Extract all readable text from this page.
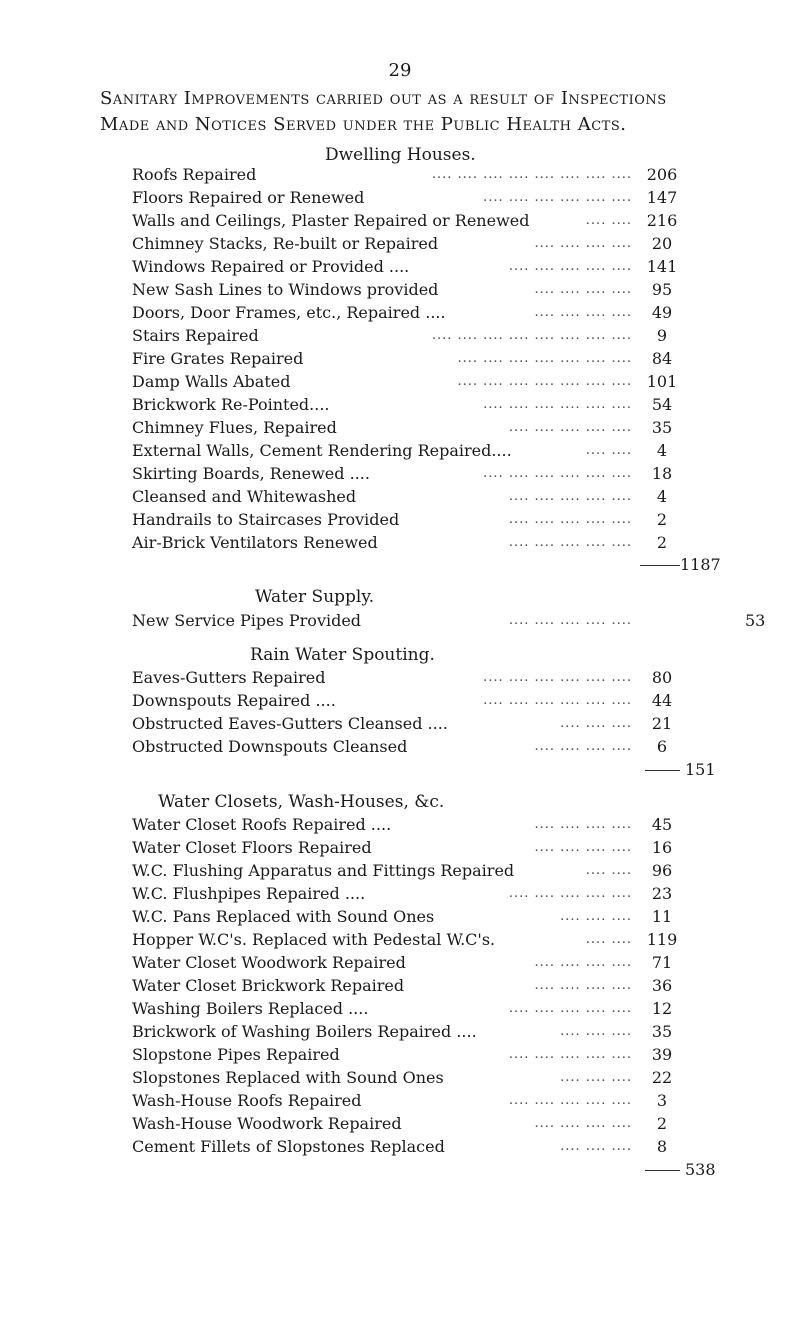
29
Sanitary Improvements carried out as a result of Inspections
Made and Notices Served under the Public Health Acts.
Dwelling Houses.
Roofs Repaired	.... .... .... .... .... .... .... .... 206
Floors Repaired or Renewed	.... .... .... .... .... .... 147
Walls and Ceilings, Plaster Repaired or Renewed	.... .... 216
Chimney Stacks, Re-built or Repaired	.... .... .... ....	20
Windows Repaired or Provided ....	.... .... .... .... .... 141
New Sash Lines to Windows provided	.... .... .... ....	95
Doors, Door Frames, etc., Repaired ....	.... .... .... ....	49
Stairs Repaired	.... .... .... .... .... .... .... ....	9
Fire Grates Repaired	.... .... .... .... .... .... ....	84
Damp Walls Abated	.... .... .... .... .... .... .... 101
Brickwork Re-Pointed....	.... .... .... .... .... ....	54
Chimney Flues, Repaired	.... .... .... .... ....	35
External Walls, Cement Rendering Repaired....	.... ....	4
Skirting Boards, Renewed ....	.... .... .... .... .... ....	18
Cleansed and Whitewashed	.... .... .... .... ....	4
Handrails to Staircases Provided	.... .... .... .... ....	2
Air-Brick Ventilators Renewed	.... .... .... .... ....	2
1187
Water Supply.
New Service Pipes Provided	.... .... .... .... ....	53
Rain Water Spouting.
Eaves-Gutters Repaired	.... .... .... .... .... ....	80
Downspouts Repaired ....	.... .... .... .... .... ....	44
Obstructed Eaves-Gutters Cleansed ....	.... .... ....	21
Obstructed Downspouts Cleansed	.... .... .... ....	6
151
Water Closets, Wash-Houses, &c.
Water Closet Roofs Repaired ....	.... .... .... ....	45
Water Closet Floors Repaired	.... .... .... ....	16
W.C. Flushing Apparatus and Fittings Repaired	.... ....	96
W.C. Flushpipes Repaired ....	.... .... .... .... ....	23
W.C. Pans Replaced with Sound Ones	.... .... ....	11
Hopper W.C's. Replaced with Pedestal W.C's.	.... .... 119
Water Closet Woodwork Repaired	.... .... .... ....	71
Water Closet Brickwork Repaired	.... .... .... ....	36
Washing Boilers Replaced ....	.... .... .... .... ....	12
Brickwork of Washing Boilers Repaired ....	.... .... ....	35
Slopstone Pipes Repaired	.... .... .... .... ....	39
Slopstones Replaced with Sound Ones	.... .... ....	22
Wash-House Roofs Repaired	.... .... .... .... ....	3
Wash-House Woodwork Repaired	.... .... .... ....	2
Cement Fillets of Slopstones Replaced	.... .... ....	8
538
